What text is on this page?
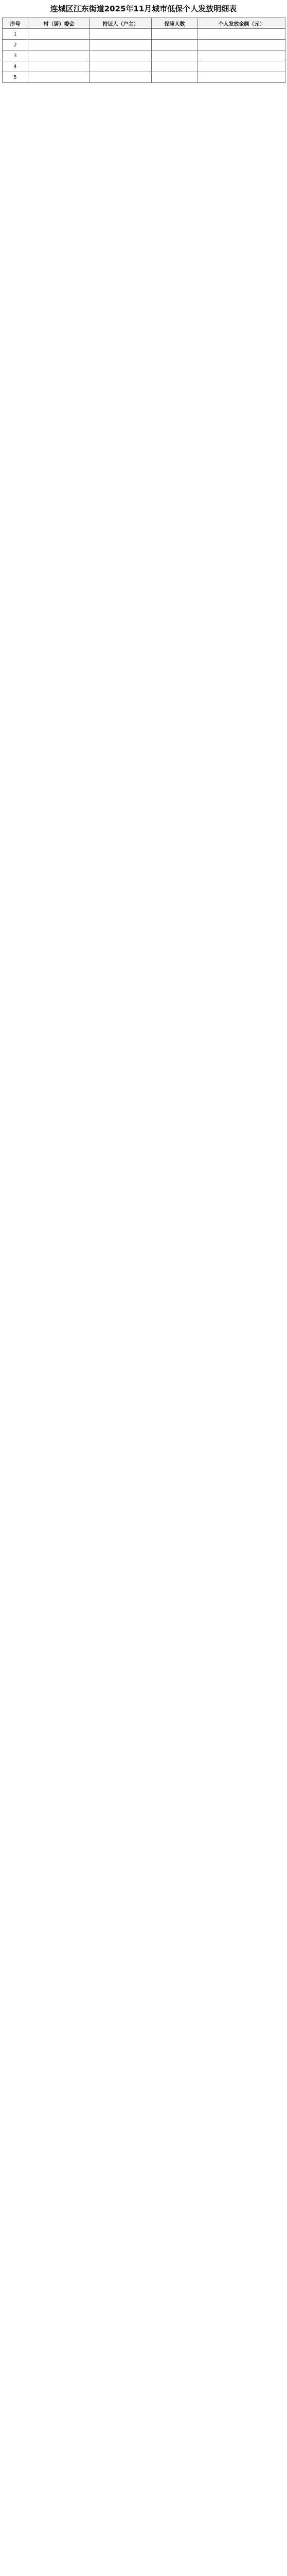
连城区江东街道2025年11月城市低保个人发放明细表
序号	村（居）委会	持证人（户主）	保障人数	个人发放金额（元）
1				
2				
3				
4				
5				
